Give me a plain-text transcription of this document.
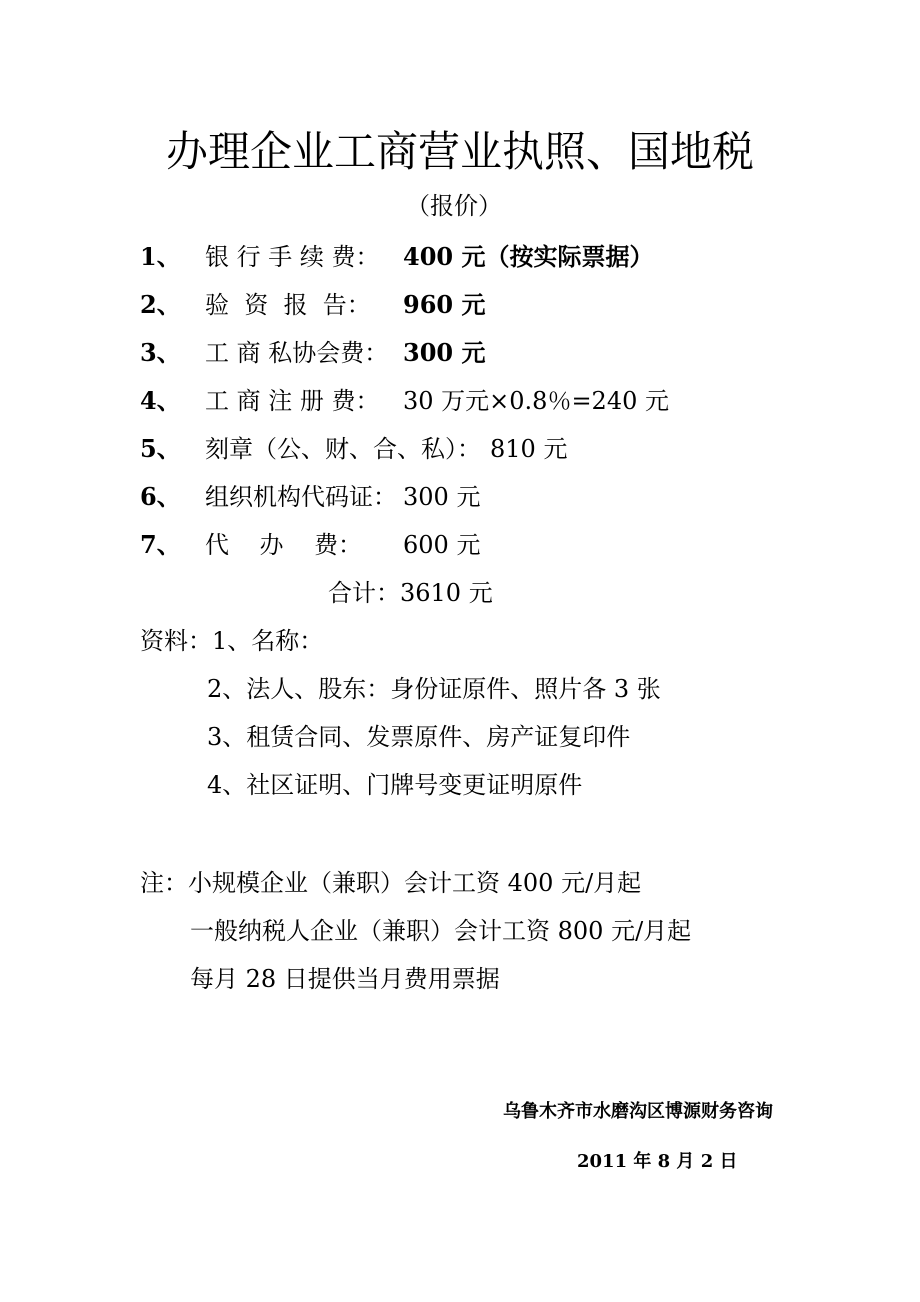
办理企业工商营业执照、国地税
（报价）
1、 银 行 手 续 费： 400 元（按实际票据）
2、 验  资  报  告： 960 元
3、 工 商 私协会费： 300 元
4、 工 商 注 册 费： 30 万元×0.8％=240 元
5、 刻章（公、财、合、私）： 810 元
6、 组织机构代码证： 300 元
7、 代    办    费： 600 元
合计：3610 元
资料：1、名称：
2、法人、股东：身份证原件、照片各 3 张
3、租赁合同、发票原件、房产证复印件
4、社区证明、门牌号变更证明原件
注：小规模企业（兼职）会计工资 400 元/月起
一般纳税人企业（兼职）会计工资 800 元/月起
每月 28 日提供当月费用票据
乌鲁木齐市水磨沟区博源财务咨询
2011 年 8 月 2 日
